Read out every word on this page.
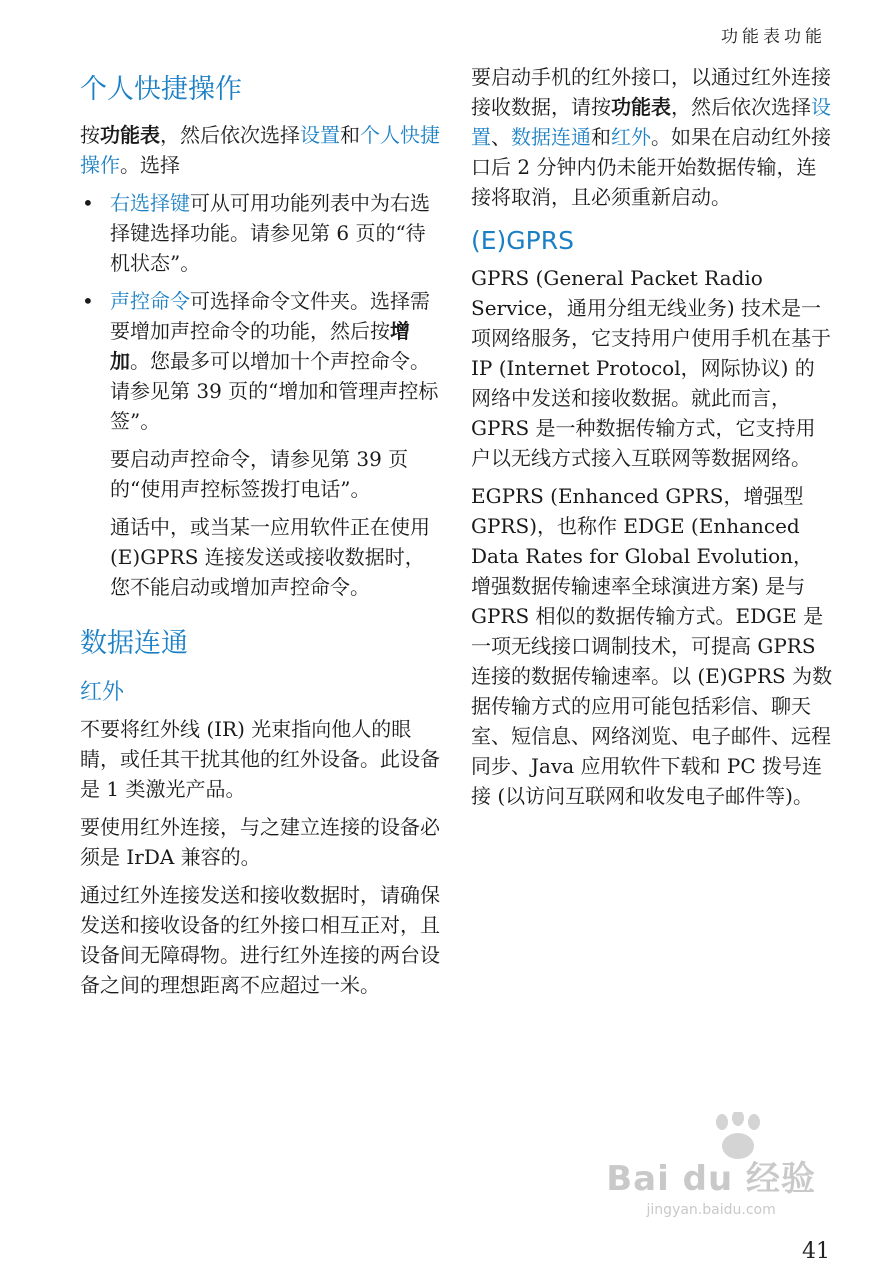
功能表功能
个人快捷操作

按功能表，然后依次选择设置和个人快捷操作。选择

• 右选择键可从可用功能列表中为右选择键选择功能。请参见第 6 页的“待机状态”。
• 声控命令可选择命令文件夹。选择需要增加声控命令的功能，然后按增加。您最多可以增加十个声控命令。请参见第 39 页的“增加和管理声控标签”。

要启动声控命令，请参见第 39 页的“使用声控标签拨打电话”。

通话中，或当某一应用软件正在使用 (E)GPRS 连接发送或接收数据时，您不能启动或增加声控命令。

数据连通
红外

不要将红外线 (IR) 光束指向他人的眼睛，或任其干扰其他的红外设备。此设备是 1 类激光产品。

要使用红外连接，与之建立连接的设备必须是 IrDA 兼容的。

通过红外连接发送和接收数据时，请确保发送和接收设备的红外接口相互正对，且设备间无障碍物。进行红外连接的两台设备之间的理想距离不应超过一米。

要启动手机的红外接口，以通过红外连接接收数据，请按功能表，然后依次选择设置、数据连通和红外。如果在启动红外接口后 2 分钟内仍未能开始数据传输，连接将取消，且必须重新启动。

(E)GPRS

GPRS (General Packet Radio Service，通用分组无线业务) 技术是一项网络服务，它支持用户使用手机在基于 IP (Internet Protocol，网际协议) 的网络中发送和接收数据。就此而言，GPRS 是一种数据传输方式，它支持用户以无线方式接入互联网等数据网络。

EGPRS (Enhanced GPRS，增强型 GPRS)，也称作 EDGE (Enhanced Data Rates for Global Evolution，增强数据传输速率全球演进方案) 是与 GPRS 相似的数据传输方式。EDGE 是一项无线接口调制技术，可提高 GPRS 连接的数据传输速率。以 (E)GPRS 为数据传输方式的应用可能包括彩信、聊天室、短信息、网络浏览、电子邮件、远程同步、Java 应用软件下载和 PC 拨号连接 (以访问互联网和收发电子邮件等)。

Bai du 经验
jingyan.baidu.com
41
